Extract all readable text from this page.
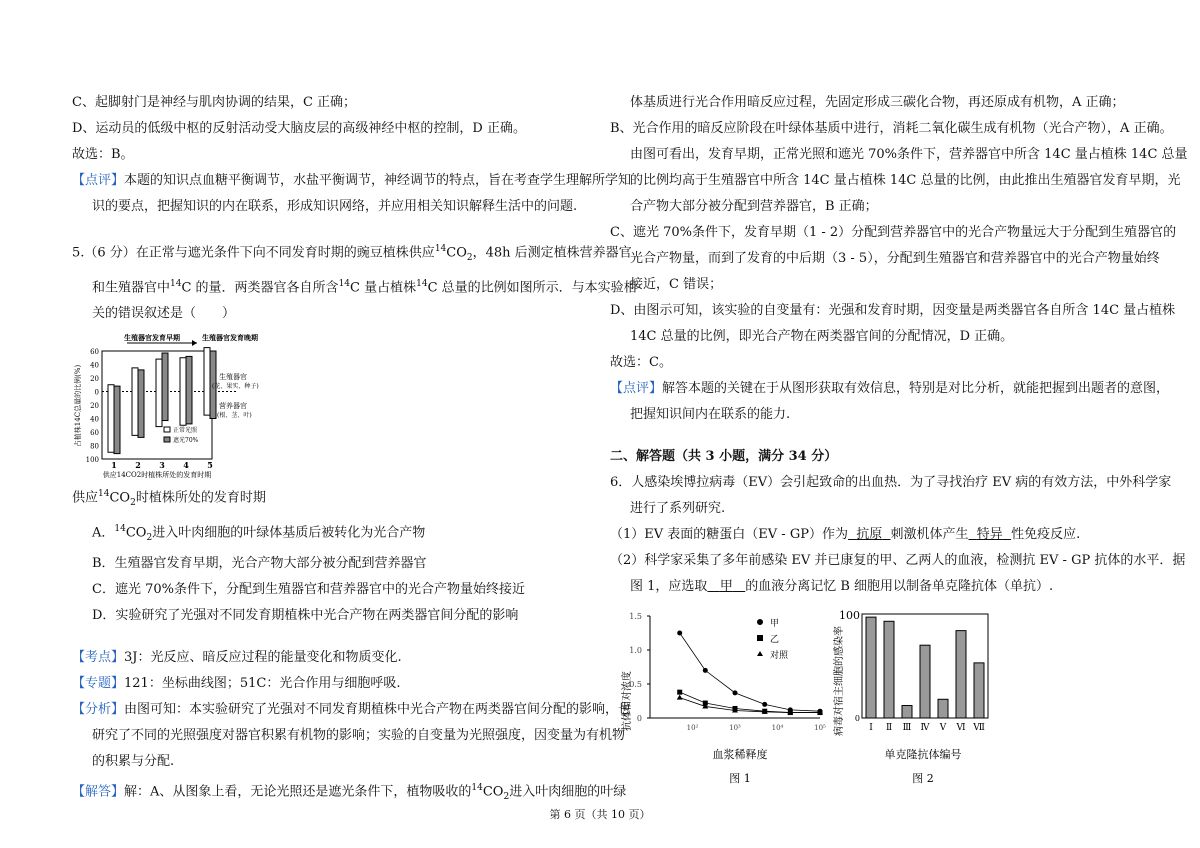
C、起脚射门是神经与肌肉协调的结果，C 正确；

D、运动员的低级中枢的反射活动受大脑皮层的高级神经中枢的控制，D 正确。

故选：B。

【点评】本题的知识点血糖平衡调节，水盐平衡调节，神经调节的特点，旨在考查学生理解所学知

识的要点，把握知识的内在联系，形成知识网络，并应用相关知识解释生活中的问题.

5.（6 分）在正常与遮光条件下向不同发育时期的豌豆植株供应$^{14}CO_2$，48h 后测定植株营养器官

和生殖器官中$^{14}$C 的量．两类器官各自所含$^{14}$C 量占植株$^{14}$C 总量的比例如图所示．与本实验相

关的错误叙述是（　　）

60
40
20
0
20
40
60
80
100 1 2 3 4 5
正常光照
遮光70%
占植株14C总量的比例(%)
供应14CO2时植株所处的发育时期
生殖器官发育早期	生殖器官发育晚期
生殖器官
(花、果实、种子)
营养器官
(根、茎、叶)

供应$^{14}CO_2$时植株所处的发育时期

A．$^{14}CO_2$进入叶肉细胞的叶绿体基质后被转化为光合产物

B．生殖器官发育早期，光合产物大部分被分配到营养器官

C．遮光 70%条件下，分配到生殖器官和营养器官中的光合产物量始终接近

D．实验研究了光强对不同发育期植株中光合产物在两类器官间分配的影响

【考点】3J：光反应、暗反应过程的能量变化和物质变化.

【专题】121：坐标曲线图；51C：光合作用与细胞呼吸.

【分析】由图可知：本实验研究了光强对不同发育期植株中光合产物在两类器官间分配的影响，也

研究了不同的光照强度对器官积累有机物的影响；实验的自变量为光照强度，因变量为有机物

的积累与分配.

【解答】解：A、从图象上看，无论光照还是遮光条件下，植物吸收的$^{14}CO_2$进入叶肉细胞的叶绿

体基质进行光合作用暗反应过程，先固定形成三碳化合物，再还原成有机物，A 正确；

B、光合作用的暗反应阶段在叶绿体基质中进行，消耗二氧化碳生成有机物（光合产物），A 正确。

由图可看出，发育早期，正常光照和遮光 70%条件下，营养器官中所含 14C 量占植株 14C 总量

的比例均高于生殖器官中所含 14C 量占植株 14C 总量的比例，由此推出生殖器官发育早期，光

合产物大部分被分配到营养器官，B 正确；

C、遮光 70%条件下，发育早期（1 - 2）分配到营养器官中的光合产物量远大于分配到生殖器官的

光合产物量，而到了发育的中后期（3 - 5），分配到生殖器官和营养器官中的光合产物量始终

接近，C 错误；

D、由图示可知，该实验的自变量有：光强和发育时期，因变量是两类器官各自所含 14C 量占植株

14C 总量的比例，即光合产物在两类器官间的分配情况，D 正确。

故选：C。

【点评】解答本题的关键在于从图形获取有效信息，特别是对比分析，就能把握到出题者的意图，

把握知识间内在联系的能力.

二、解答题（共 3 小题，满分 34 分）

6．人感染埃博拉病毒（EV）会引起致命的出血热．为了寻找治疗 EV 病的有效方法，中外科学家

进行了系列研究.

（1）EV 表面的糖蛋白（EV - GP）作为 抗原 刺激机体产生 特异 性免疫反应.

（2）科学家采集了多年前感染 EV 并已康复的甲、乙两人的血液，检测抗 EV - GP 抗体的水平．据

图 1，应选取 甲 的血液分离记忆 B 细胞用以制备单克隆抗体（单抗）.

0
0.5
1.0
1.5
10²	10³	10⁴	10⁵
甲
乙
对照
抗体相对浓度
血浆稀释度
图 1
100
0
Ⅰ Ⅱ Ⅲ Ⅳ Ⅴ Ⅵ Ⅶ
病毒对宿主细胞的感染率
单克隆抗体编号
图 2
第 6 页（共 10 页）
